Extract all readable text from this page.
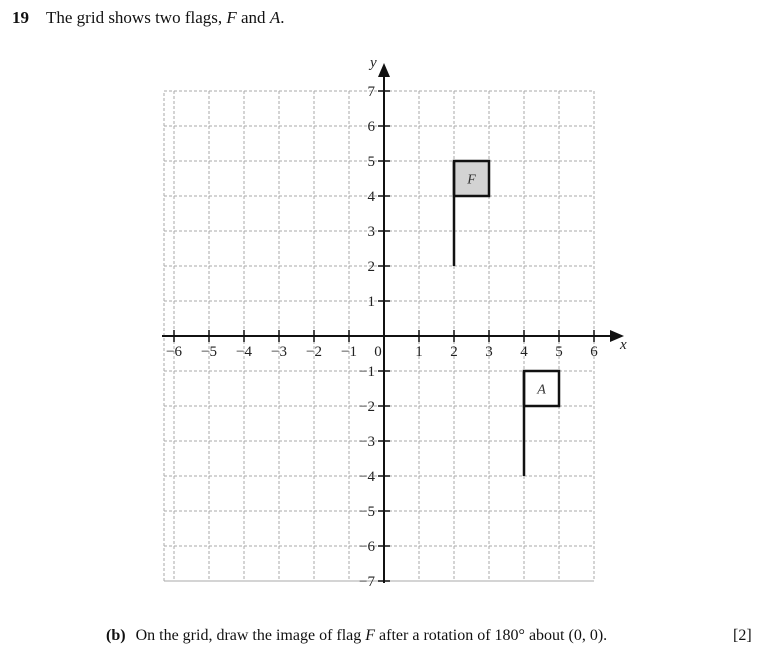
19 The grid shows two flags, F and A.
−6 −5 −4 −3 −2 −1 0 1 2 3 4 5 6
1
2
3
4
5
6
7
−1
−2
−3
−4
−5
−6
−7
x
y
F
A
(b) On the grid, draw the image of flag F after a rotation of 180° about (0, 0).	[2]
